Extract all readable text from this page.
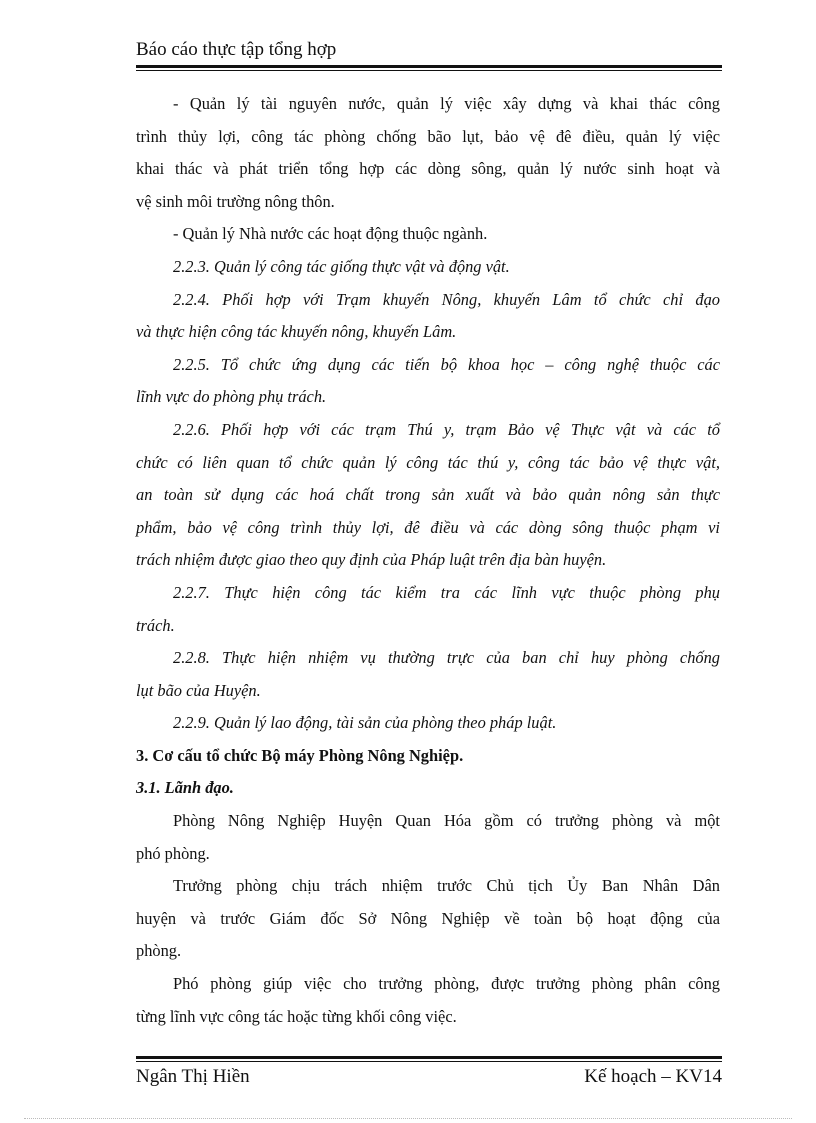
Báo cáo thực tập tổng hợp
- Quản lý tài nguyên nước, quản lý việc xây dựng và khai thác công
trình thủy lợi, công tác phòng chống bão lụt, bảo vệ đê điều, quản lý việc
khai thác và phát triển tổng hợp các dòng sông, quản lý nước sinh hoạt và
vệ sinh môi trường nông thôn.
- Quản lý Nhà nước các hoạt động thuộc ngành.
2.2.3. Quản lý công tác giống thực vật và động vật.
2.2.4. Phối hợp với Trạm khuyến Nông, khuyến Lâm tổ chức chỉ đạo
và thực hiện công tác khuyến nông, khuyến Lâm.
2.2.5. Tổ chức ứng dụng các tiến bộ khoa học – công nghệ thuộc các
lĩnh vực do phòng phụ trách.
2.2.6. Phối hợp với các trạm Thú y, trạm Bảo vệ Thực vật và các tổ
chức có liên quan tổ chức quản lý công tác thú y, công tác bảo vệ thực vật,
an toàn sử dụng các hoá chất trong sản xuất và bảo quản nông sản thực
phẩm, bảo vệ công trình thủy lợi, đê điều và các dòng sông thuộc phạm vi
trách nhiệm được giao theo quy định của Pháp luật trên địa bàn huyện.
2.2.7. Thực hiện công tác kiểm tra các lĩnh vực thuộc phòng phụ
trách.
2.2.8. Thực hiện nhiệm vụ thường trực của ban chỉ huy phòng chống
lụt bão của Huyện.
2.2.9. Quản lý lao động, tài sản của phòng theo pháp luật.
3. Cơ cấu tổ chức Bộ máy Phòng Nông Nghiệp.
3.1. Lãnh đạo.
Phòng Nông Nghiệp Huyện Quan Hóa gồm có trưởng phòng và một
phó phòng.
Trưởng phòng chịu trách nhiệm trước Chủ tịch Ủy Ban Nhân Dân
huyện và trước Giám đốc Sở Nông Nghiệp về toàn bộ hoạt động của
phòng.
Phó phòng giúp việc cho trưởng phòng, được trưởng phòng phân công
từng lĩnh vực công tác hoặc từng khối công việc.
Ngân Thị Hiền	Kế hoạch – KV14
